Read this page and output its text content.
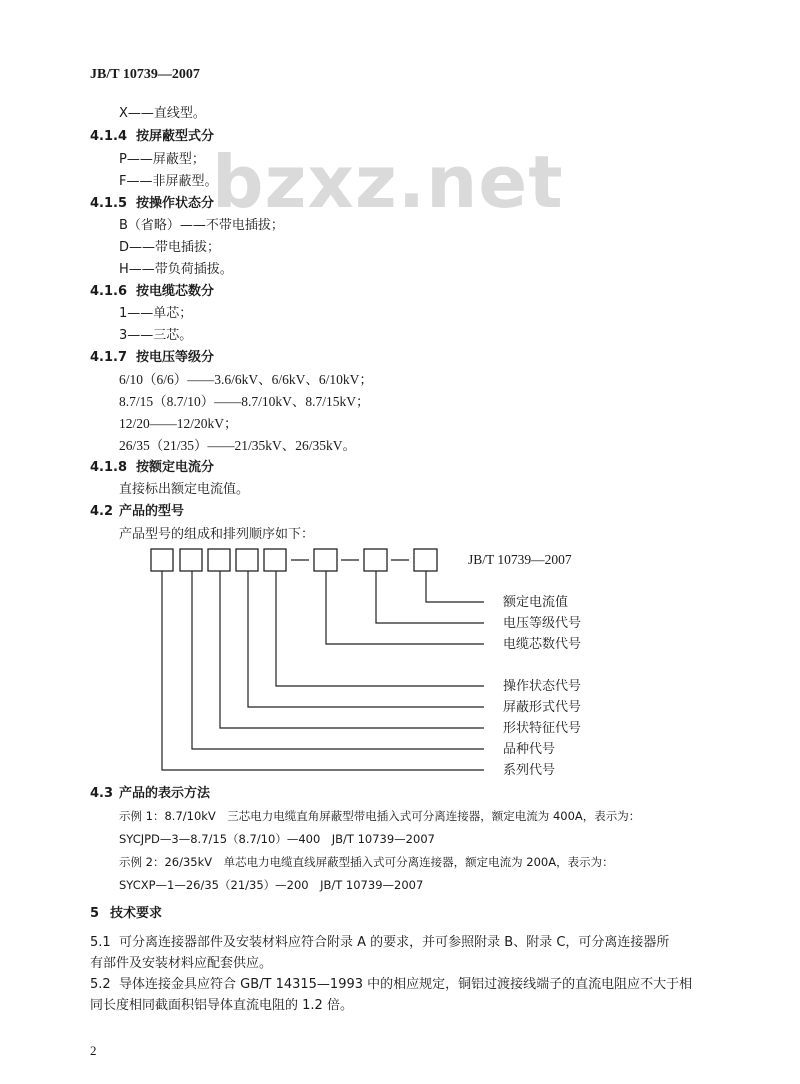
JB/T 10739—2007
bzxz.net
X——直线型。
4.1.4 按屏蔽型式分
P——屏蔽型；
F——非屏蔽型。
4.1.5 按操作状态分
B（省略）——不带电插拔；
D——带电插拔；
H——带负荷插拔。
4.1.6 按电缆芯数分
1——单芯；
3——三芯。
4.1.7 按电压等级分
6/10（6/6）——3.6/6kV、6/6kV、6/10kV；
8.7/15（8.7/10）——8.7/10kV、8.7/15kV；
12/20——12/20kV；
26/35（21/35）——21/35kV、26/35kV。
4.1.8 按额定电流分
直接标出额定电流值。
4.2 产品的型号
产品型号的组成和排列顺序如下：
JB/T 10739—2007
额定电流值
电压等级代号
电缆芯数代号
操作状态代号
屏蔽形式代号
形状特征代号
品种代号
系列代号
4.3 产品的表示方法
示例 1：8.7/10kV　三芯电力电缆直角屏蔽型带电插入式可分离连接器，额定电流为 400A，表示为：
SYCJPD—3—8.7/15（8.7/10）—400　JB/T 10739—2007
示例 2：26/35kV　单芯电力电缆直线屏蔽型插入式可分离连接器，额定电流为 200A，表示为：
SYCXP—1—26/35（21/35）—200　JB/T 10739—2007
5 技术要求
5.1 可分离连接器部件及安装材料应符合附录 A 的要求，并可参照附录 B、附录 C，可分离连接器所
有部件及安装材料应配套供应。
5.2 导体连接金具应符合 GB/T 14315—1993 中的相应规定，铜铝过渡接线端子的直流电阻应不大于相
同长度相同截面积铝导体直流电阻的 1.2 倍。
2
